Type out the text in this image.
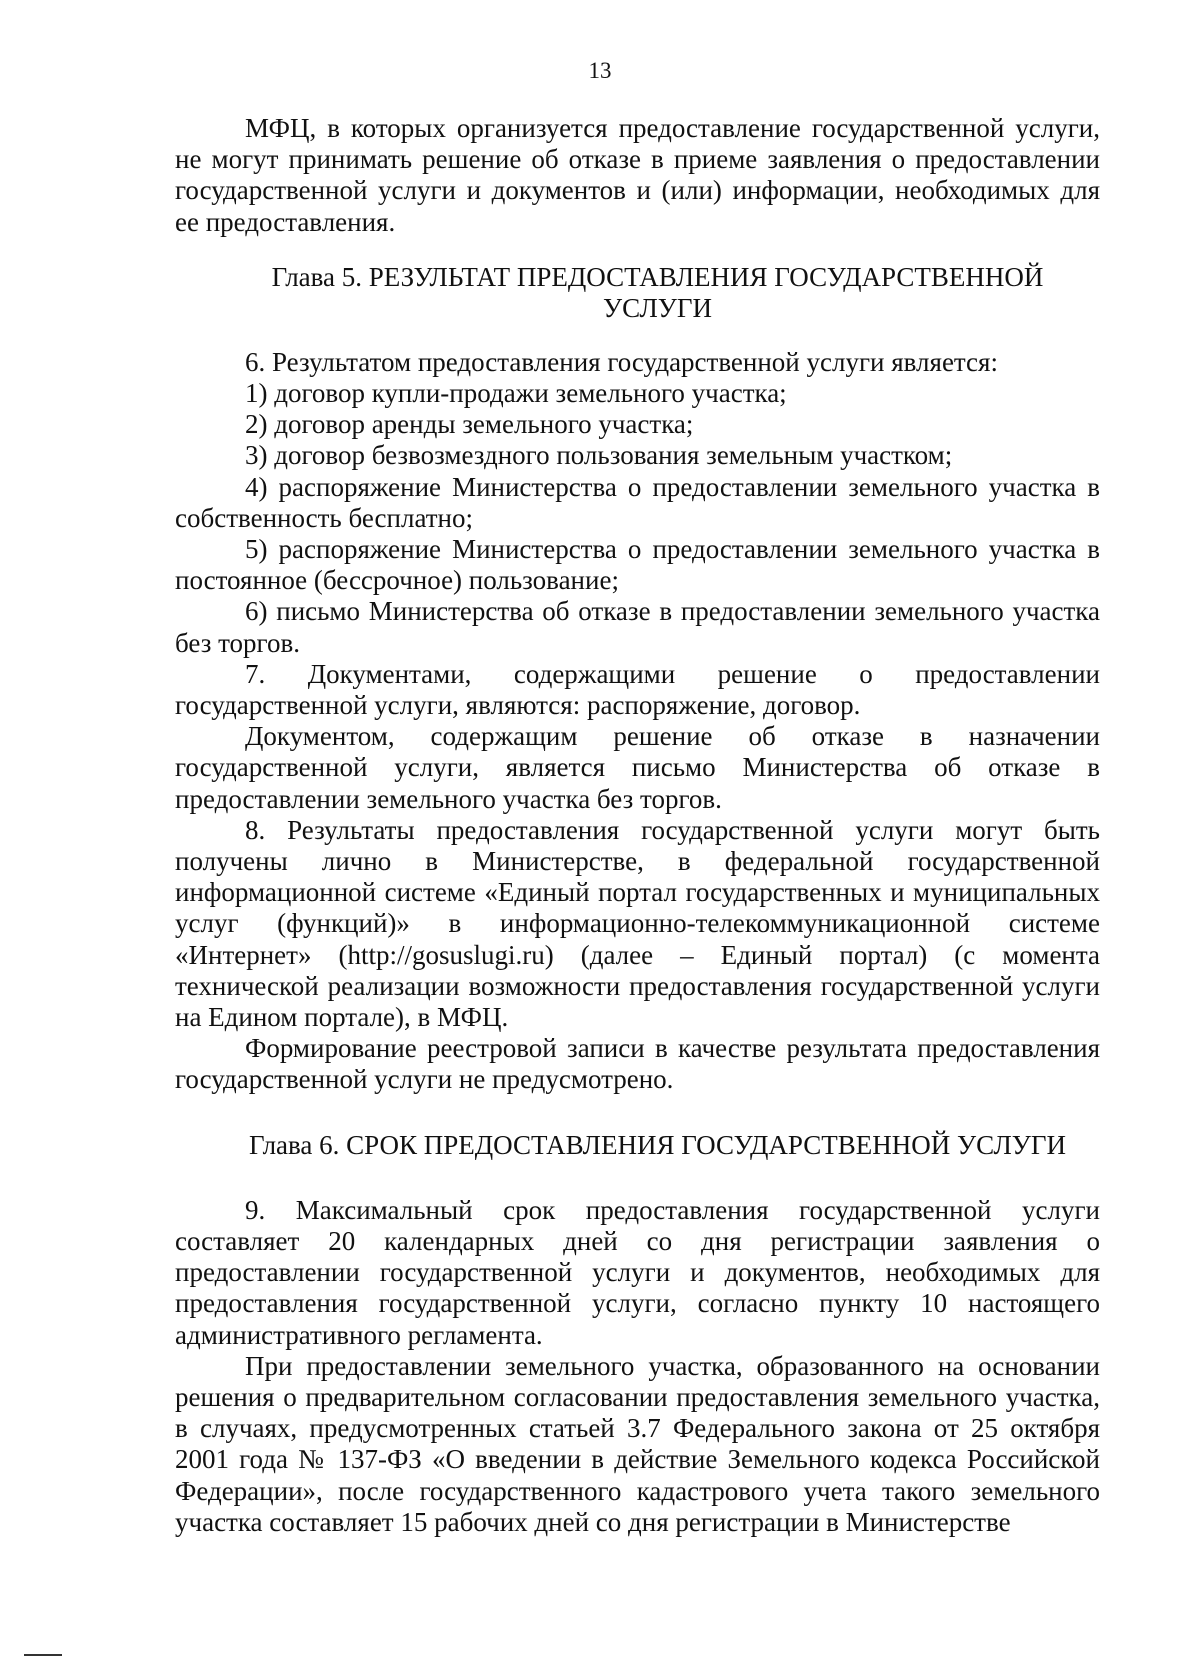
13

МФЦ, в которых организуется предоставление государственной услуги, не могут принимать решение об отказе в приеме заявления о предоставлении государственной услуги и документов и (или) информации, необходимых для ее предоставления.

Глава 5. РЕЗУЛЬТАТ ПРЕДОСТАВЛЕНИЯ ГОСУДАРСТВЕННОЙ
УСЛУГИ

6. Результатом предоставления государственной услуги является:

1) договор купли-продажи земельного участка;

2) договор аренды земельного участка;

3) договор безвозмездного пользования земельным участком;

4) распоряжение Министерства о предоставлении земельного участка в собственность бесплатно;

5) распоряжение Министерства о предоставлении земельного участка в постоянное (бессрочное) пользование;

6) письмо Министерства об отказе в предоставлении земельного участка без торгов.

7. Документами, содержащими решение о предоставлении государственной услуги, являются: распоряжение, договор.

Документом, содержащим решение об отказе в назначении государственной услуги, является письмо Министерства об отказе в предоставлении земельного участка без торгов.

8. Результаты предоставления государственной услуги могут быть получены лично в Министерстве, в федеральной государственной информационной системе «Единый портал государственных и муниципальных услуг (функций)» в информационно-телекоммуникационной системе «Интернет» (http://gosuslugi.ru) (далее – Единый портал) (с момента технической реализации возможности предоставления государственной услуги на Едином портале), в МФЦ.

Формирование реестровой записи в качестве результата предоставления государственной услуги не предусмотрено.

Глава 6. СРОК ПРЕДОСТАВЛЕНИЯ ГОСУДАРСТВЕННОЙ УСЛУГИ

9. Максимальный срок предоставления государственной услуги составляет 20 календарных дней со дня регистрации заявления о предоставлении государственной услуги и документов, необходимых для предоставления государственной услуги, согласно пункту 10 настоящего административного регламента.

При предоставлении земельного участка, образованного на основании решения о предварительном согласовании предоставления земельного участка, в случаях, предусмотренных статьей 3.7 Федерального закона от 25 октября 2001 года № 137-ФЗ «О введении в действие Земельного кодекса Российской Федерации», после государственного кадастрового учета такого земельного участка составляет 15 рабочих дней со дня регистрации в Министерстве
